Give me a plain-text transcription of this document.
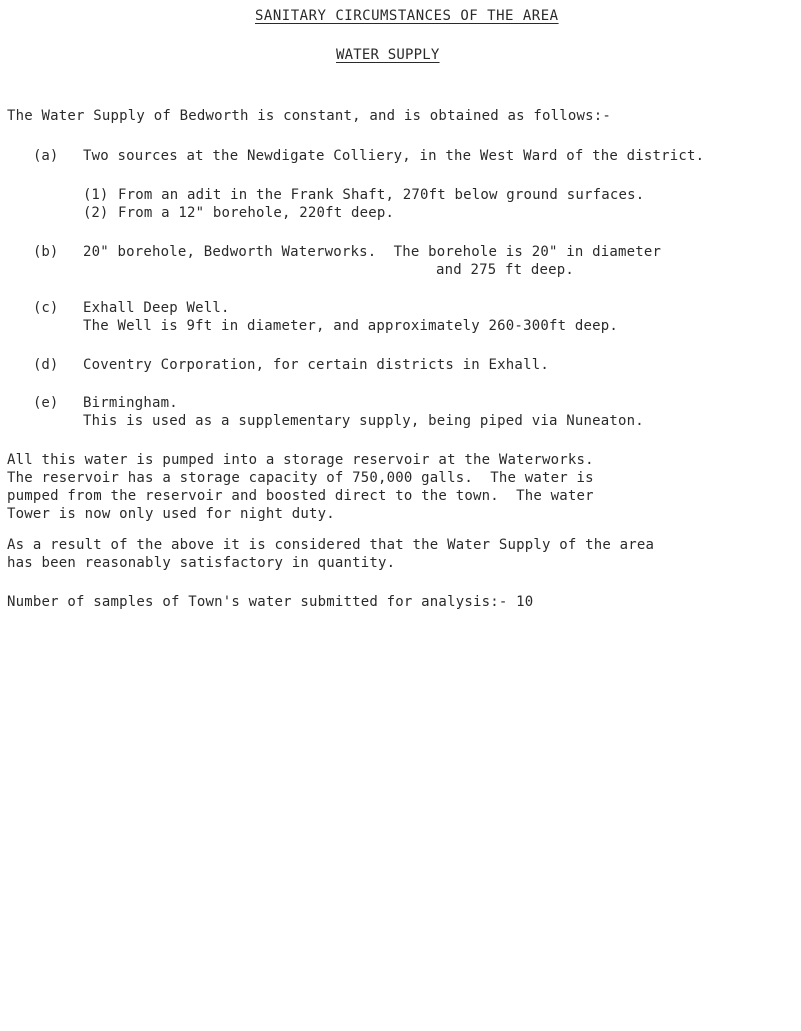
SANITARY CIRCUMSTANCES OF THE AREA
WATER SUPPLY
The Water Supply of Bedworth is constant, and is obtained as follows:-
(a) Two sources at the Newdigate Colliery, in the West Ward of the district.
(1) From an adit in the Frank Shaft, 270ft below ground surfaces.
(2) From a 12" borehole, 220ft deep.
(b) 20" borehole, Bedworth Waterworks.  The borehole is 20" in diameter
and 275 ft deep.
(c) Exhall Deep Well.
The Well is 9ft in diameter, and approximately 260-300ft deep.
(d) Coventry Corporation, for certain districts in Exhall.
(e) Birmingham.
This is used as a supplementary supply, being piped via Nuneaton.
All this water is pumped into a storage reservoir at the Waterworks.
The reservoir has a storage capacity of 750,000 galls.  The water is
pumped from the reservoir and boosted direct to the town.  The water
Tower is now only used for night duty.
As a result of the above it is considered that the Water Supply of the area
has been reasonably satisfactory in quantity.
Number of samples of Town's water submitted for analysis:- 10
